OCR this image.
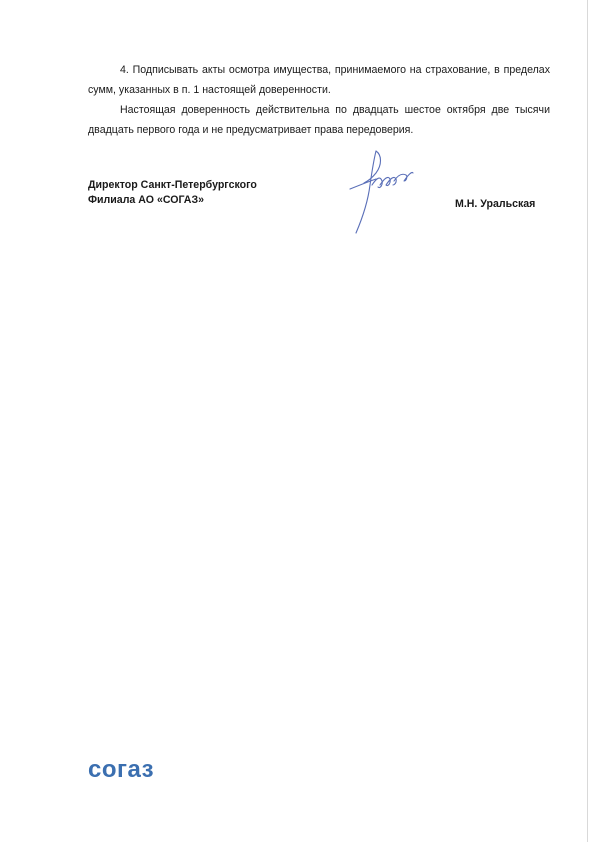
4. Подписывать акты осмотра имущества, принимаемого на страхование, в пределах сумм, указанных в п. 1 настоящей доверенности.

Настоящая доверенность действительна по двадцать шестое октября две тысячи двадцать первого года и не предусматривает права передоверия.

Директор Санкт-Петербургского
Филиала АО «СОГАЗ»	М.Н. Уральская
согаз
